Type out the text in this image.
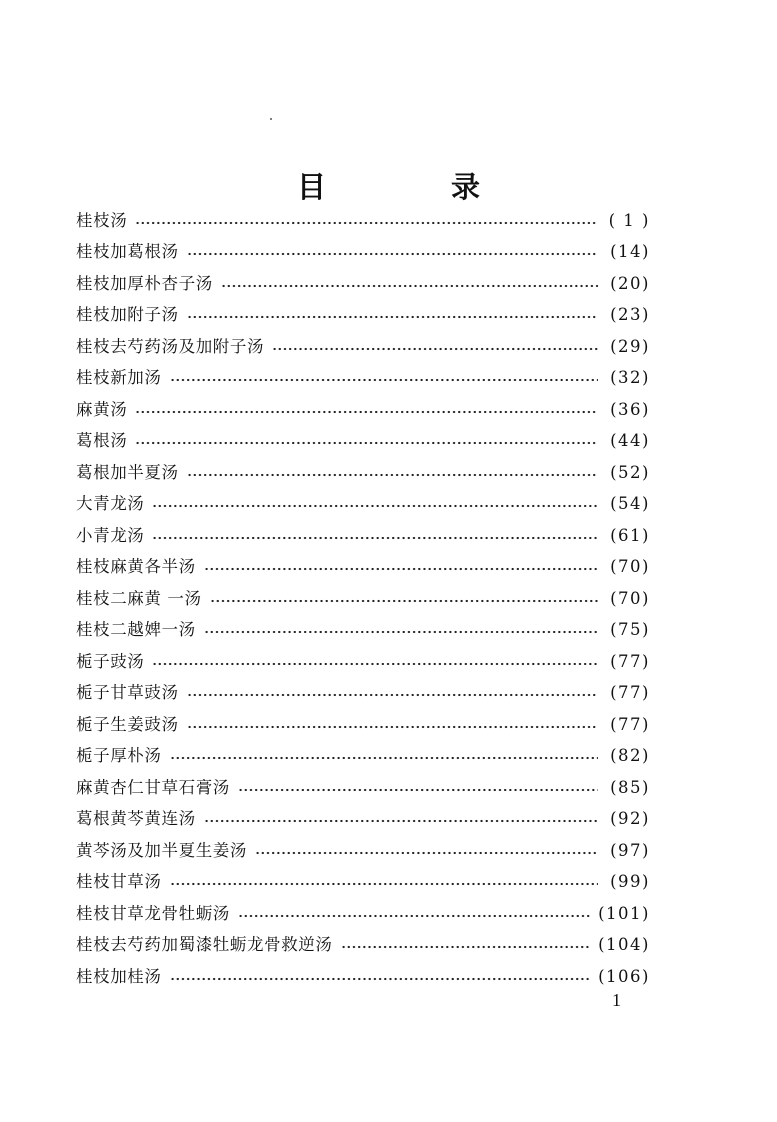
目　录
桂枝汤	( 1 )
桂枝加葛根汤	(14)
桂枝加厚朴杏子汤	(20)
桂枝加附子汤	(23)
桂枝去芍药汤及加附子汤	(29)
桂枝新加汤	(32)
麻黄汤	(36)
葛根汤	(44)
葛根加半夏汤	(52)
大青龙汤	(54)
小青龙汤	(61)
桂枝麻黄各半汤	(70)
桂枝二麻黄 一汤	(70)
桂枝二越婢一汤	(75)
栀子豉汤	(77)
栀子甘草豉汤	(77)
栀子生姜豉汤	(77)
栀子厚朴汤	(82)
麻黄杏仁甘草石膏汤	(85)
葛根黄芩黄连汤	(92)
黄芩汤及加半夏生姜汤	(97)
桂枝甘草汤	(99)
桂枝甘草龙骨牡蛎汤	(101)
桂枝去芍药加蜀漆牡蛎龙骨救逆汤	(104)
桂枝加桂汤	(106)
1
